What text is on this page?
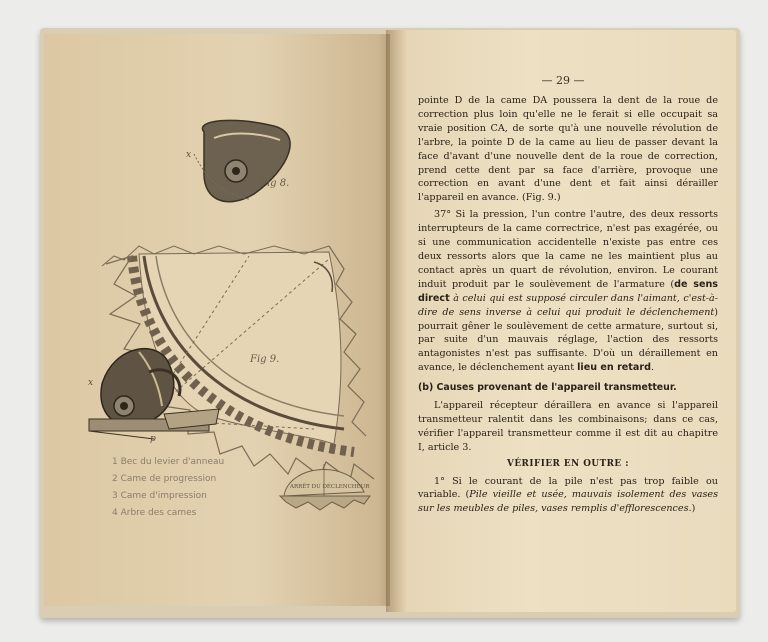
Fig 8.
Fig 9.
x
x
p
ARRÊT DU DÉCLENCHEUR
1 Bec du levier d'anneau
2 Came de progression
3 Came d'impression
4 Arbre des cames
— 29 —

pointe D de la came DA poussera la dent de la roue de correction plus loin qu'elle ne le ferait si elle occupait sa vraie position CA, de sorte qu'à une nouvelle révolution de l'arbre, la pointe D de la came au lieu de passer devant la face d'avant d'une nouvelle dent de la roue de correction, prend cette dent par sa face d'arrière, provoque une correction en avant d'une dent et fait ainsi dérailler l'appareil en avance. (Fig. 9.)

37° Si la pression, l'un contre l'autre, des deux ressorts interrupteurs de la came correctrice, n'est pas exagérée, ou si une communication accidentelle n'existe pas entre ces deux ressorts alors que la came ne les maintient plus au contact après un quart de révolution, environ. Le courant induit produit par le soulèvement de l'armature (de sens direct à celui qui est supposé circuler dans l'aimant, c'est-à-dire de sens inverse à celui qui produit le déclenchement) pourrait gêner le soulèvement de cette armature, surtout si, par suite d'un mauvais réglage, l'action des ressorts antagonistes n'est pas suffisante. D'où un déraillement en avance, le déclenchement ayant lieu en retard.

(b) Causes provenant de l'appareil transmetteur.

L'appareil récepteur déraillera en avance si l'appareil transmetteur ralentit dans les combinaisons; dans ce cas, vérifier l'appareil transmetteur comme il est dit au chapitre I, article 3.

VÉRIFIER EN OUTRE :

1° Si le courant de la pile n'est pas trop faible ou variable. (Pile vieille et usée, mauvais isolement des vases sur les meubles de piles, vases remplis d'efflorescences.)
